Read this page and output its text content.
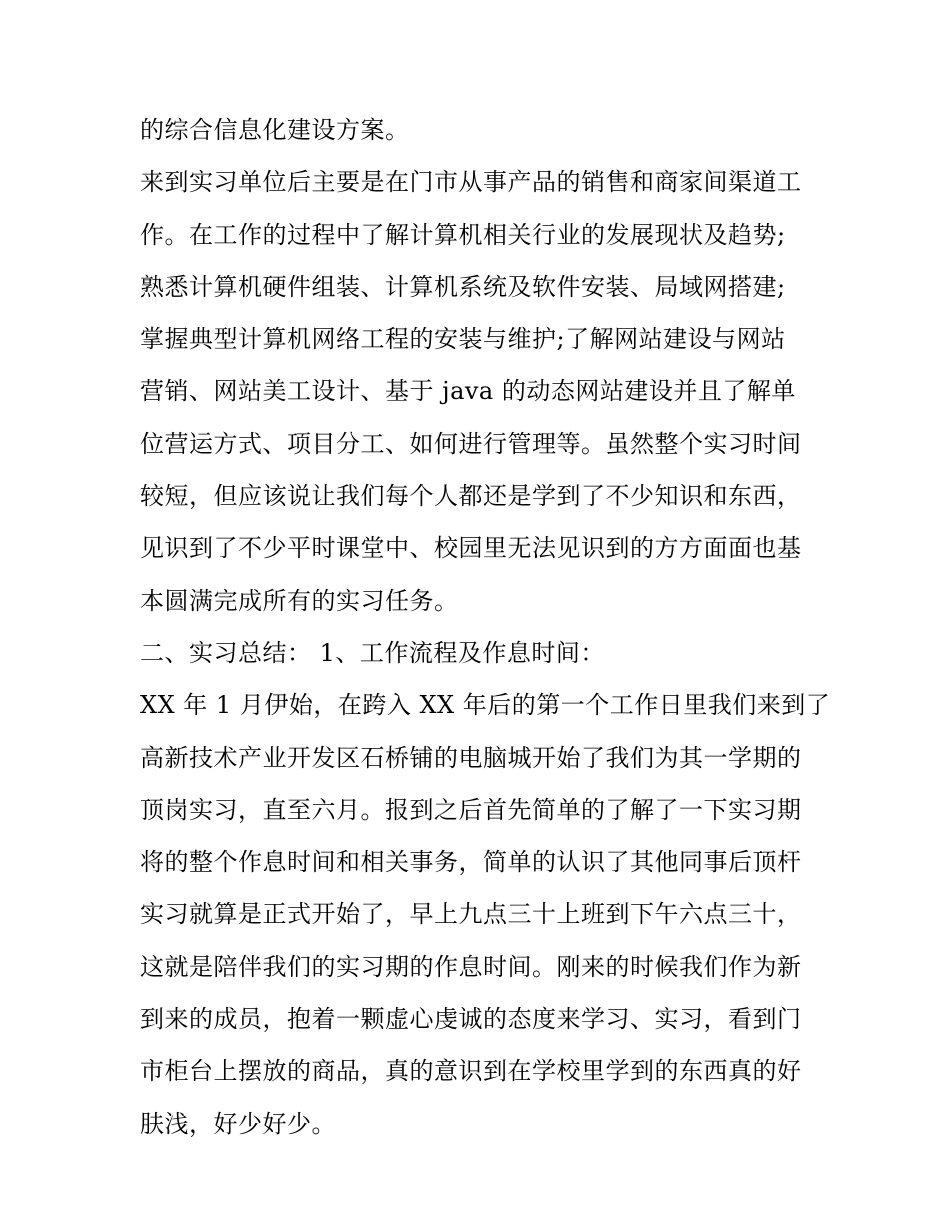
的综合信息化建设方案。
来到实习单位后主要是在门市从事产品的销售和商家间渠道工
作。在工作的过程中了解计算机相关行业的发展现状及趋势;
熟悉计算机硬件组装、计算机系统及软件安装、局域网搭建;
掌握典型计算机网络工程的安装与维护;了解网站建设与网站
营销、网站美工设计、基于 java 的动态网站建设并且了解单
位营运方式、项目分工、如何进行管理等。虽然整个实习时间
较短，但应该说让我们每个人都还是学到了不少知识和东西，
见识到了不少平时课堂中、校园里无法见识到的方方面面也基
本圆满完成所有的实习任务。
二、实习总结： 1、工作流程及作息时间：
XX 年 1 月伊始，在跨入 XX 年后的第一个工作日里我们来到了
高新技术产业开发区石桥铺的电脑城开始了我们为其一学期的
顶岗实习，直至六月。报到之后首先简单的了解了一下实习期
将的整个作息时间和相关事务，简单的认识了其他同事后顶杆
实习就算是正式开始了，早上九点三十上班到下午六点三十，
这就是陪伴我们的实习期的作息时间。刚来的时候我们作为新
到来的成员，抱着一颗虚心虔诚的态度来学习、实习，看到门
市柜台上摆放的商品，真的意识到在学校里学到的东西真的好
肤浅，好少好少。
